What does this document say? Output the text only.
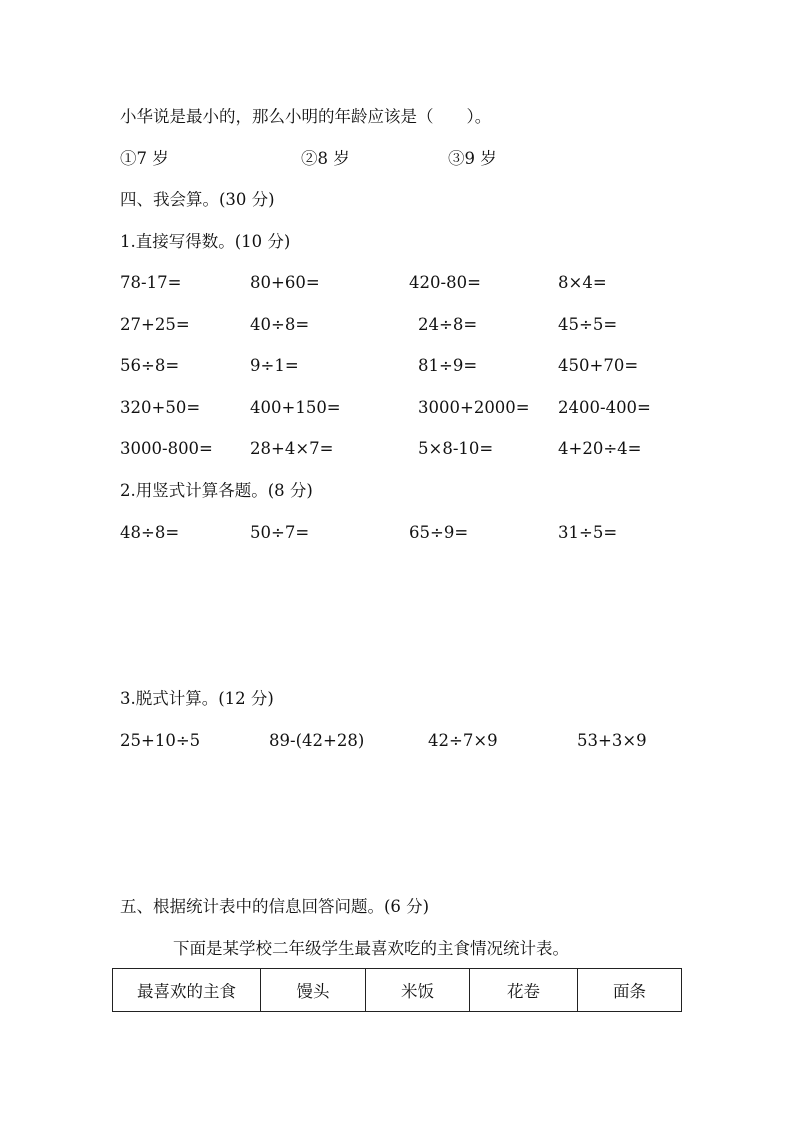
小华说是最小的，那么小明的年龄应该是（　　）。
①7 岁	②8 岁	③9 岁
四、我会算。(30 分)
1.直接写得数。(10 分)
78-17=	80+60=	420-80=	8×4=
27+25=	40÷8=	24÷8=	45÷5=
56÷8=	9÷1=	81÷9=	450+70=
320+50=	400+150=	3000+2000= 2400-400=
3000-800= 28+4×7=	5×8-10=	4+20÷4=
2.用竖式计算各题。(8 分)
48÷8=	50÷7=	65÷9=	31÷5=
3.脱式计算。(12 分)
25+10÷5	89-(42+28)	42÷7×9	53+3×9
五、根据统计表中的信息回答问题。(6 分)
下面是某学校二年级学生最喜欢吃的主食情况统计表。
最喜欢的主食	馒头	米饭	花卷	面条
